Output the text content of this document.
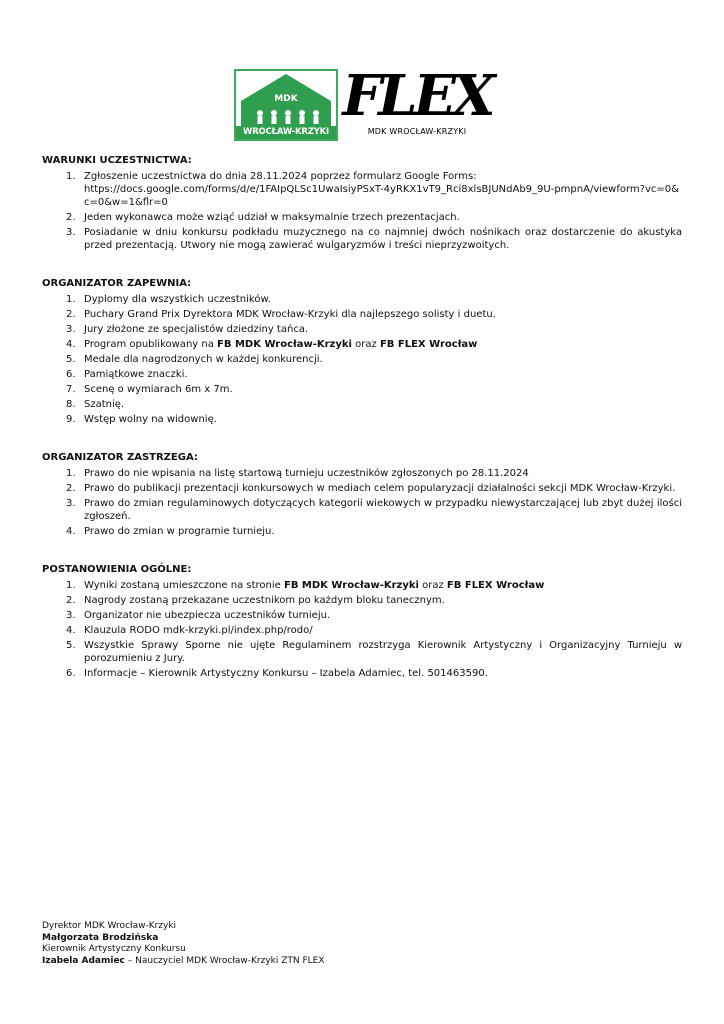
MDK
WROCŁAW-KRZYKI
FLEX
MDK WROCŁAW-KRZYKI
WARUNKI UCZESTNICTWA:
1. Zgłoszenie uczestnictwa do dnia 28.11.2024 poprzez formularz Google Forms:
https://docs.google.com/forms/d/e/1FAIpQLSc1UwaIsiyPSxT-4yRKX1vT9_Rci8xlsBJUNdAb9_9U-pmpnA/viewform?vc=0&c=0&w=1&flr=0
2. Jeden wykonawca może wziąć udział w maksymalnie trzech prezentacjach.
3. Posiadanie w dniu konkursu podkładu muzycznego na co najmniej dwóch nośnikach oraz dostarczenie do akustyka przed prezentacją. Utwory nie mogą zawierać wulgaryzmów i treści nieprzyzwoitych.
ORGANIZATOR ZAPEWNIA:
1. Dyplomy dla wszystkich uczestników.
2. Puchary Grand Prix Dyrektora MDK Wrocław-Krzyki dla najlepszego solisty i duetu.
3. Jury złożone ze specjalistów dziedziny tańca.
4. Program opublikowany na FB MDK Wrocław-Krzyki oraz FB FLEX Wrocław
5. Medale dla nagrodzonych w każdej konkurencji.
6. Pamiątkowe znaczki.
7. Scenę o wymiarach 6m x 7m.
8. Szatnię.
9. Wstęp wolny na widownię.
ORGANIZATOR ZASTRZEGA:
1. Prawo do nie wpisania na listę startową turnieju uczestników zgłoszonych po 28.11.2024
2. Prawo do publikacji prezentacji konkursowych w mediach celem popularyzacji działalności sekcji MDK Wrocław-Krzyki.
3. Prawo do zmian regulaminowych dotyczących kategorii wiekowych w przypadku niewystarczającej lub zbyt dużej ilości zgłoszeń.
4. Prawo do zmian w programie turnieju.
POSTANOWIENIA OGÓLNE:
1. Wyniki zostaną umieszczone na stronie FB MDK Wrocław-Krzyki oraz FB FLEX Wrocław
2. Nagrody zostaną przekazane uczestnikom po każdym bloku tanecznym.
3. Organizator nie ubezpiecza uczestników turnieju.
4. Klauzula RODO mdk-krzyki.pl/index.php/rodo/
5. Wszystkie Sprawy Sporne nie ujęte Regulaminem rozstrzyga Kierownik Artystyczny i Organizacyjny Turnieju w porozumieniu z Jury.
6. Informacje – Kierownik Artystyczny Konkursu – Izabela Adamiec, tel. 501463590.
Dyrektor MDK Wrocław-Krzyki
Małgorzata Brodzińska
Kierownik Artystyczny Konkursu
Izabela Adamiec – Nauczyciel MDK Wrocław-Krzyki ZTN FLEX
